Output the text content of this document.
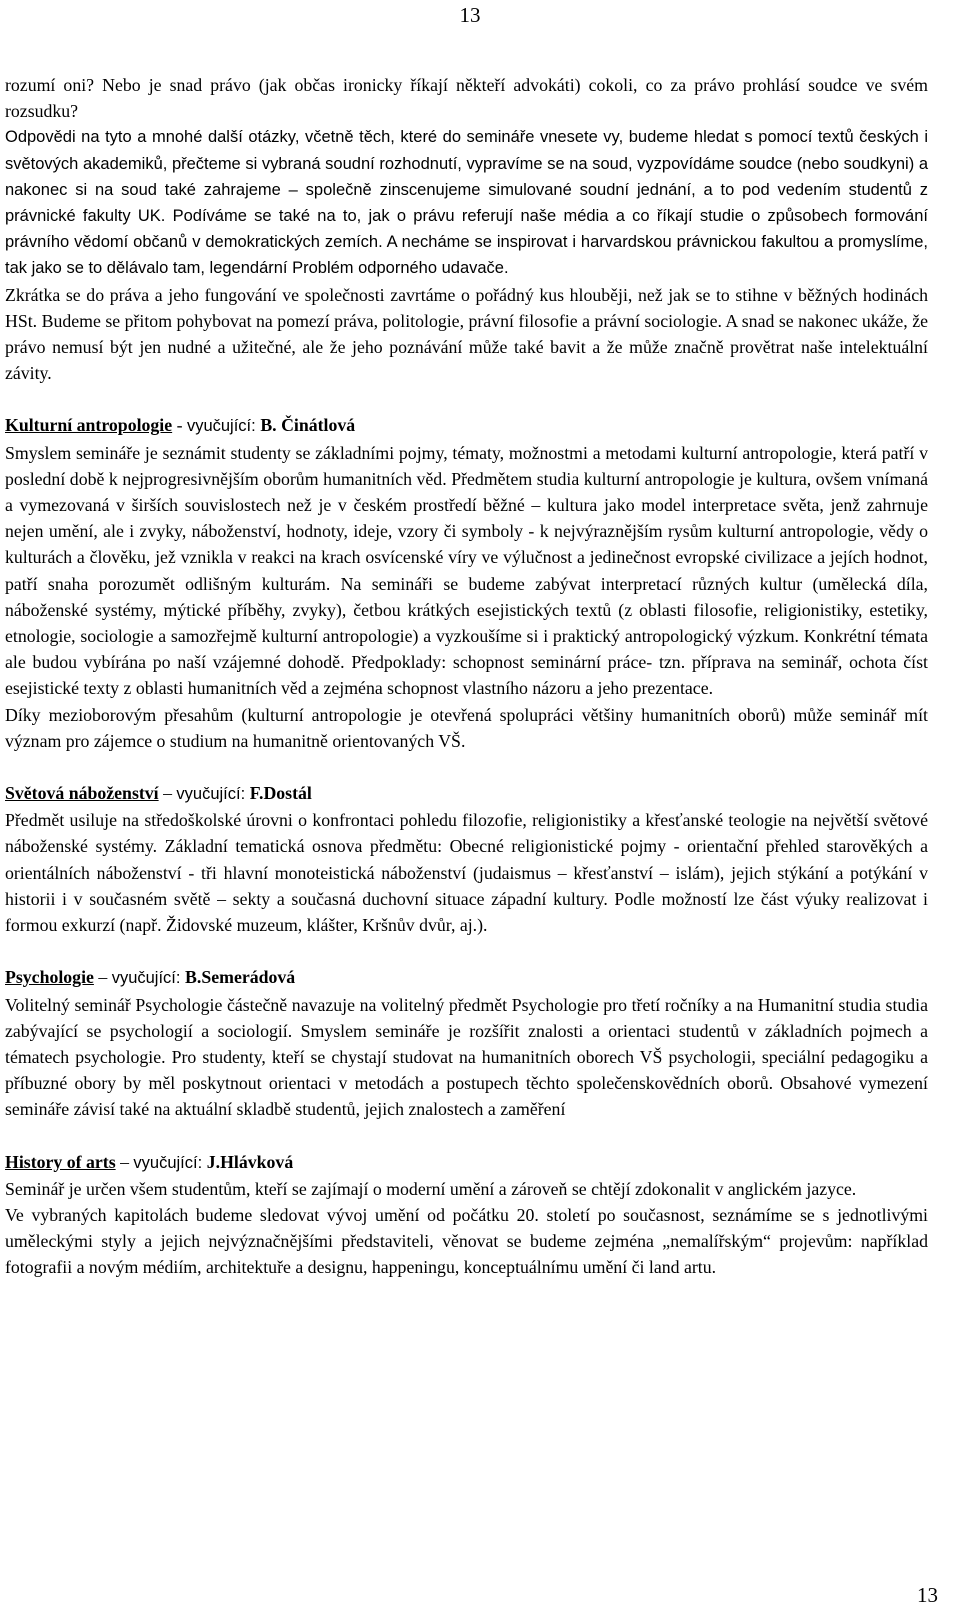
13

rozumí oni? Nebo je snad právo (jak občas ironicky říkají někteří advokáti) cokoli, co za právo prohlásí soudce ve svém rozsudku?

Odpovědi na tyto a mnohé další otázky, včetně těch, které do semináře vnesete vy, budeme hledat s pomocí textů českých i světových akademiků, přečteme si vybraná soudní rozhodnutí, vypravíme se na soud, vyzpovídáme soudce (nebo soudkyni) a nakonec si na soud také zahrajeme – společně zinscenujeme simulované soudní jednání, a to pod vedením studentů z právnické fakulty UK. Podíváme se také na to, jak o právu referují naše média a co říkají studie o způsobech formování právního vědomí občanů v demokratických zemích. A necháme se inspirovat i harvardskou právnickou fakultou a promyslíme, tak jako se to dělávalo tam, legendární Problém odporného udavače.

Zkrátka se do práva a jeho fungování ve společnosti zavrtáme o pořádný kus hlouběji, než jak se to stihne v běžných hodinách HSt. Budeme se přitom pohybovat na pomezí práva, politologie, právní filosofie a právní sociologie. A snad se nakonec ukáže, že právo nemusí být jen nudné a užitečné, ale že jeho poznávání může také bavit a že může značně provětrat naše intelektuální závity.

Kulturní antropologie - vyučující: B. Činátlová

Smyslem semináře je seznámit studenty se základními pojmy, tématy, možnostmi a metodami kulturní antropologie, která patří v poslední době k nejprogresivnějším oborům humanitních věd. Předmětem studia kulturní antropologie je kultura, ovšem vnímaná a vymezovaná v širších souvislostech než je v českém prostředí běžné – kultura jako model interpretace světa, jenž zahrnuje nejen umění, ale i zvyky, náboženství, hodnoty, ideje, vzory či symboly - k nejvýraznějším rysům kulturní antropologie, vědy o kulturách a člověku, jež vznikla v reakci na krach osvícenské víry ve výlučnost a jedinečnost evropské civilizace a jejích hodnot, patří snaha porozumět odlišným kulturám. Na semináři se budeme zabývat interpretací různých kultur (umělecká díla, náboženské systémy, mýtické příběhy, zvyky), četbou krátkých esejistických textů (z oblasti filosofie, religionistiky, estetiky, etnologie, sociologie a samozřejmě kulturní antropologie) a vyzkoušíme si i praktický antropologický výzkum. Konkrétní témata ale budou vybírána po naší vzájemné dohodě. Předpoklady: schopnost seminární práce- tzn. příprava na seminář, ochota číst esejistické texty z oblasti humanitních věd a zejména schopnost vlastního názoru a jeho prezentace.

Díky mezioborovým přesahům (kulturní antropologie je otevřená spolupráci většiny humanitních oborů) může seminář mít význam pro zájemce o studium na humanitně orientovaných VŠ.

Světová náboženství – vyučující: F.Dostál

Předmět usiluje na středoškolské úrovni o konfrontaci pohledu filozofie, religionistiky a křesťanské teologie na největší světové náboženské systémy. Základní tematická osnova předmětu: Obecné religionistické pojmy - orientační přehled starověkých a orientálních náboženství - tři hlavní monoteistická náboženství (judaismus – křesťanství – islám), jejich stýkání a potýkání v historii i v současném světě – sekty a současná duchovní situace západní kultury. Podle možností lze část výuky realizovat i formou exkurzí (např. Židovské muzeum, klášter, Kršnův dvůr, aj.).

Psychologie – vyučující: B.Semerádová

Volitelný seminář Psychologie částečně navazuje na volitelný předmět Psychologie pro třetí ročníky a na Humanitní studia studia zabývající se psychologií a sociologií. Smyslem semináře je rozšířit znalosti a orientaci studentů v základních pojmech a tématech psychologie. Pro studenty, kteří se chystají studovat na humanitních oborech VŠ psychologii, speciální pedagogiku a příbuzné obory by měl poskytnout orientaci v metodách a postupech těchto společenskovědních oborů. Obsahové vymezení semináře závisí také na aktuální skladbě studentů, jejich znalostech a zaměření

History of arts – vyučující: J.Hlávková

Seminář je určen všem studentům, kteří se zajímají o moderní umění a zároveň se chtějí zdokonalit v anglickém jazyce.

Ve vybraných kapitolách budeme sledovat vývoj umění od počátku 20. století po současnost, seznámíme se s jednotlivými uměleckými styly a jejich nejvýznačnějšími představiteli, věnovat se budeme zejména „nemalířským“ projevům: například fotografii a novým médiím, architektuře a designu, happeningu, konceptuálnímu umění či land artu.

13
